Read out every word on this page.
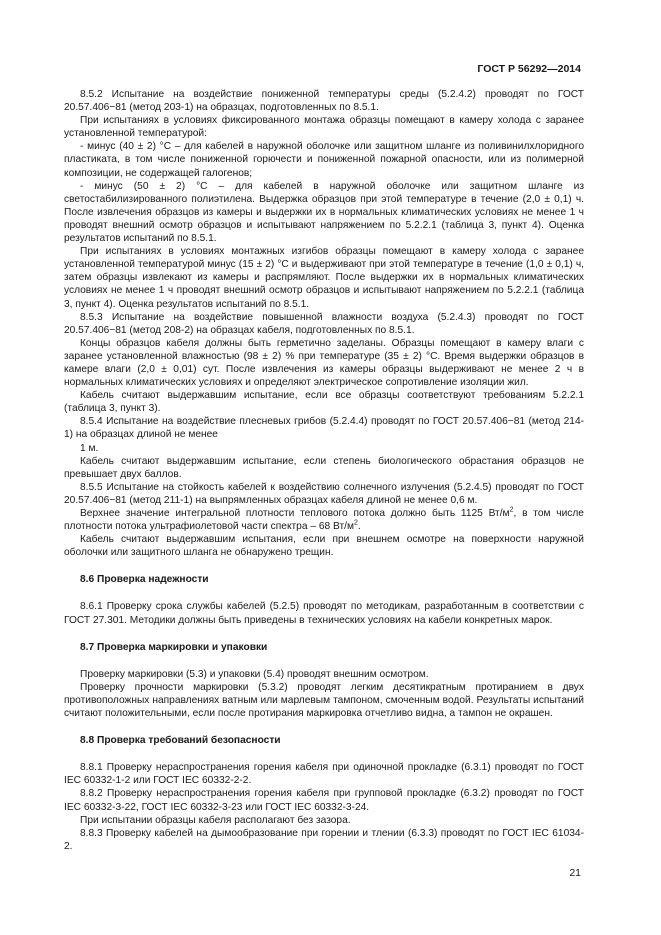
ГОСТ Р 56292—2014

8.5.2 Испытание на воздействие пониженной температуры среды (5.2.4.2) проводят по ГОСТ 20.57.406−81 (метод 203-1) на образцах, подготовленных по 8.5.1.

При испытаниях в условиях фиксированного монтажа образцы помещают в камеру холода с заранее установленной температурой:

- минус (40 ± 2) °С – для кабелей в наружной оболочке или защитном шланге из поливинилхлоридного пластиката, в том числе пониженной горючести и пониженной пожарной опасности, или из полимерной композиции, не содержащей галогенов;

- минус (50 ± 2) °С – для кабелей в наружной оболочке или защитном шланге из светостабилизированного полиэтилена. Выдержка образцов при этой температуре в течение (2,0 ± 0,1) ч. После извлечения образцов из камеры и выдержки их в нормальных климатических условиях не менее 1 ч проводят внешний осмотр образцов и испытывают напряжением по 5.2.2.1 (таблица 3, пункт 4). Оценка результатов испытаний по 8.5.1.

При испытаниях в условиях монтажных изгибов образцы помещают в камеру холода с заранее установленной температурой минус (15 ± 2) °С и выдерживают при этой температуре в течение (1,0 ± 0,1) ч, затем образцы извлекают из камеры и распрямляют. После выдержки их в нормальных климатических условиях не менее 1 ч проводят внешний осмотр образцов и испытывают напряжением по 5.2.2.1 (таблица 3, пункт 4). Оценка результатов испытаний по 8.5.1.

8.5.3 Испытание на воздействие повышенной влажности воздуха (5.2.4.3) проводят по ГОСТ 20.57.406−81 (метод 208-2) на образцах кабеля, подготовленных по 8.5.1.

Концы образцов кабеля должны быть герметично заделаны. Образцы помещают в камеру влаги с заранее установленной влажностью (98 ± 2) % при температуре (35 ± 2) °С. Время выдержки образцов в камере влаги (2,0 ± 0,01) сут. После извлечения из камеры образцы выдерживают не менее 2 ч в нормальных климатических условиях и определяют электрическое сопротивление изоляции жил.

Кабель считают выдержавшим испытание, если все образцы соответствуют требованиям 5.2.2.1 (таблица 3, пункт 3).

8.5.4 Испытание на воздействие плесневых грибов (5.2.4.4) проводят по ГОСТ 20.57.406−81 (метод 214-1) на образцах длиной не менее

1 м.

Кабель считают выдержавшим испытание, если степень биологического обрастания образцов не превышает двух баллов.

8.5.5 Испытание на стойкость кабелей к воздействию солнечного излучения (5.2.4.5) проводят по ГОСТ 20.57.406−81 (метод 211-1) на выпрямленных образцах кабеля длиной не менее 0,6 м.

Верхнее значение интегральной плотности теплового потока должно быть 1125 $Вт/м^2$, в том числе плотности потока ультрафиолетовой части спектра – 68 $Вт/м^2$.

Кабель считают выдержавшим испытания, если при внешнем осмотре на поверхности наружной оболочки или защитного шланга не обнаружено трещин.

8.6 Проверка надежности

8.6.1 Проверку срока службы кабелей (5.2.5) проводят по методикам, разработанным в соответствии с ГОСТ 27.301. Методики должны быть приведены в технических условиях на кабели конкретных марок.

8.7 Проверка маркировки и упаковки

Проверку маркировки (5.3) и упаковки (5.4) проводят внешним осмотром.

Проверку прочности маркировки (5.3.2) проводят легким десятикратным протиранием в двух противоположных направлениях ватным или марлевым тампоном, смоченным водой. Результаты испытаний считают положительными, если после протирания маркировка отчетливо видна, а тампон не окрашен.

8.8 Проверка требований безопасности

8.8.1 Проверку нераспространения горения кабеля при одиночной прокладке (6.3.1) проводят по ГОСТ IEC 60332-1-2 или ГОСТ IEC 60332-2-2.

8.8.2 Проверку нераспространения горения кабеля при групповой прокладке (6.3.2) проводят по ГОСТ IEC 60332-3-22, ГОСТ IEC 60332-3-23 или ГОСТ IEC 60332-3-24.

При испытании образцы кабеля располагают без зазора.

8.8.3 Проверку кабелей на дымообразование при горении и тлении (6.3.3) проводят по ГОСТ IEC 61034-2.

21
